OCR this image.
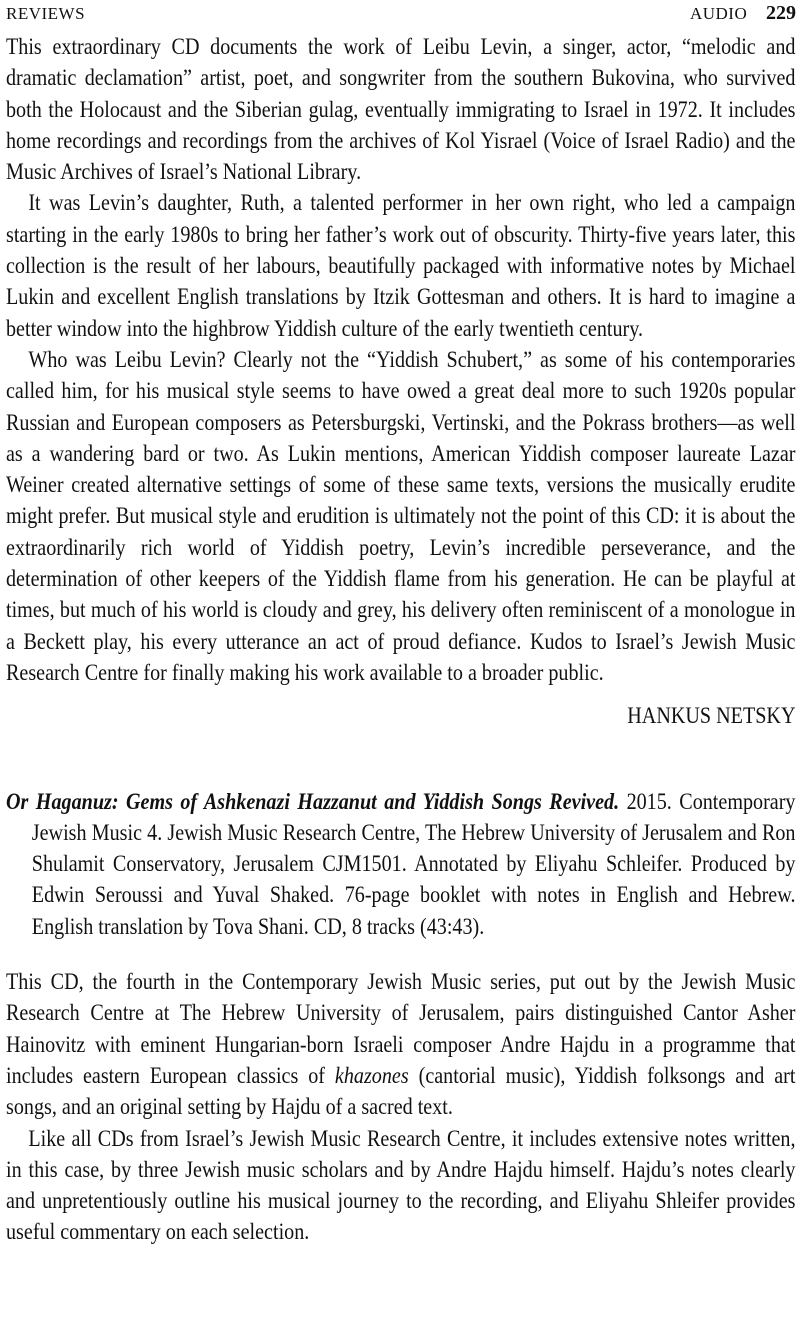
REVIEWS	AUDIO 229

This extraordinary CD documents the work of Leibu Levin, a singer, actor, “melodic and dramatic declamation” artist, poet, and songwriter from the southern Bukovina, who survived both the Holocaust and the Siberian gulag, eventually immigrating to Israel in 1972. It includes home recordings and recordings from the archives of Kol Yisrael (Voice of Israel Radio) and the Music Archives of Israel’s National Library.

It was Levin’s daughter, Ruth, a talented performer in her own right, who led a campaign starting in the early 1980s to bring her father’s work out of obscurity. Thirty-five years later, this collection is the result of her labours, beautifully packaged with informative notes by Michael Lukin and excellent English translations by Itzik Gottesman and others. It is hard to imagine a better window into the highbrow Yiddish culture of the early twentieth century.

Who was Leibu Levin? Clearly not the “Yiddish Schubert,” as some of his contemporaries called him, for his musical style seems to have owed a great deal more to such 1920s popular Russian and European composers as Petersburgski, Vertinski, and the Pokrass brothers—as well as a wandering bard or two. As Lukin mentions, American Yiddish composer laureate Lazar Weiner created alternative settings of some of these same texts, versions the musically erudite might prefer. But musical style and erudition is ultimately not the point of this CD: it is about the extraordinarily rich world of Yiddish poetry, Levin’s incredible perseverance, and the determination of other keepers of the Yiddish flame from his generation. He can be playful at times, but much of his world is cloudy and grey, his delivery often reminiscent of a monologue in a Beckett play, his every utterance an act of proud defiance. Kudos to Israel’s Jewish Music Research Centre for finally making his work available to a broader public.

HANKUS NETSKY

Or Haganuz: Gems of Ashkenazi Hazzanut and Yiddish Songs Revived. 2015. Contemporary Jewish Music 4. Jewish Music Research Centre, The Hebrew University of Jerusalem and Ron Shulamit Conservatory, Jerusalem CJM1501. Annotated by Eliyahu Schleifer. Produced by Edwin Seroussi and Yuval Shaked. 76-page booklet with notes in English and Hebrew. English translation by Tova Shani. CD, 8 tracks (43:43).

This CD, the fourth in the Contemporary Jewish Music series, put out by the Jewish Music Research Centre at The Hebrew University of Jerusalem, pairs distinguished Cantor Asher Hainovitz with eminent Hungarian-born Israeli composer Andre Hajdu in a programme that includes eastern European classics of khazones (cantorial music), Yiddish folksongs and art songs, and an original setting by Hajdu of a sacred text.

Like all CDs from Israel’s Jewish Music Research Centre, it includes extensive notes written, in this case, by three Jewish music scholars and by Andre Hajdu himself. Hajdu’s notes clearly and unpretentiously outline his musical journey to the recording, and Eliyahu Shleifer provides useful commentary on each selection.
